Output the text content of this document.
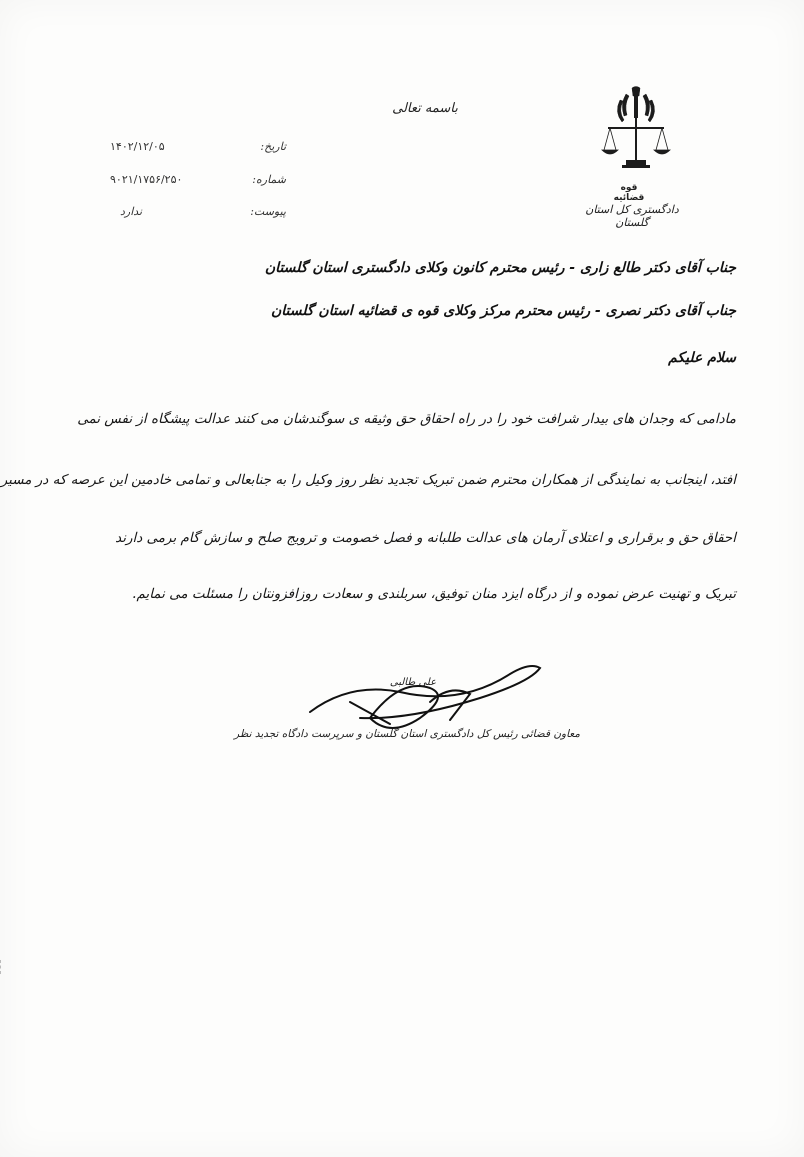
باسمه تعالی
قوه قضائیه
دادگستری کل استان گلستان
تاریخ:
۱۴۰۲/۱۲/۰۵
شماره:
۹۰۲۱/۱۷۵۶/۲۵۰
پیوست:
ندارد
جناب آقای دکتر طالع زاری - رئیس محترم کانون وکلای دادگستری استان گلستان
جناب آقای دکتر نصری - رئیس محترم مرکز وکلای قوه ی قضائیه استان گلستان
سلام علیکم
مادامی که وجدان های بیدار شرافت خود را در راه احقاق حق وثیقه ی سوگندشان می کنند عدالت پیشگاه از نفس نمی
افتد، اینجانب به نمایندگی از همکاران محترم ضمن تبریک تجدید نظر روز وکیل را به جنابعالی و تمامی خادمین این عرصه که در مسیر
احقاق حق و برقراری و اعتلای آرمان های عدالت طلبانه و فصل خصومت و ترویج صلح و سازش گام برمی دارند
تبریک و تهنیت عرض نموده و از درگاه ایزد منان توفیق، سربلندی و سعادت روزافزونتان را مسئلت می نمایم.
علی طالبی
معاون قضائی رئیس کل دادگستری استان گلستان و سرپرست دادگاه تجدید نظر
